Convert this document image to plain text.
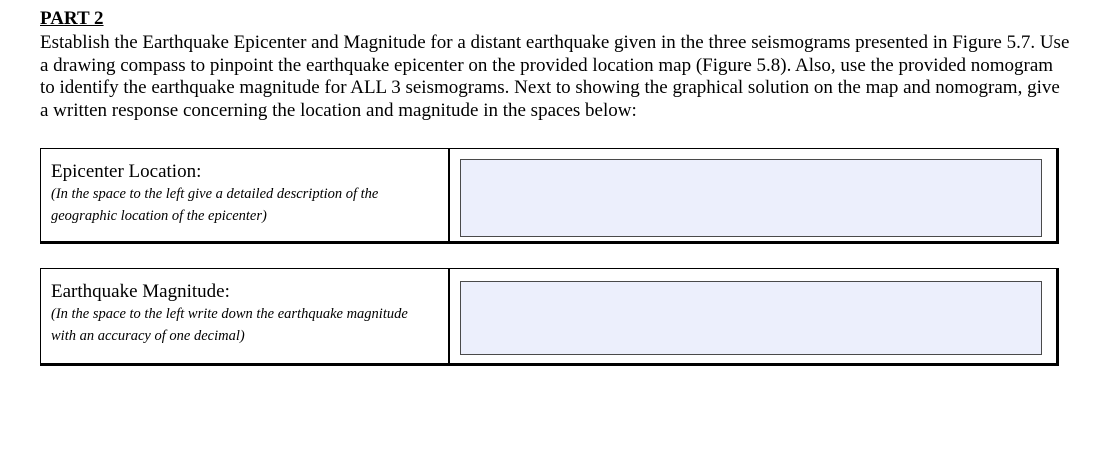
PART 2
Establish the Earthquake Epicenter and Magnitude for a distant earthquake given in the three seismograms presented in Figure 5.7. Use a drawing compass to pinpoint the earthquake epicenter on the provided location map (Figure 5.8). Also, use the provided nomogram to identify the earthquake magnitude for ALL 3 seismograms. Next to showing the graphical solution on the map and nomogram, give a written response concerning the location and magnitude in the spaces below:
Epicenter Location:
(In the space to the left give a detailed description of the geographic location of the epicenter)
Earthquake Magnitude:
(In the space to the left write down the earthquake magnitude with an accuracy of one decimal)
